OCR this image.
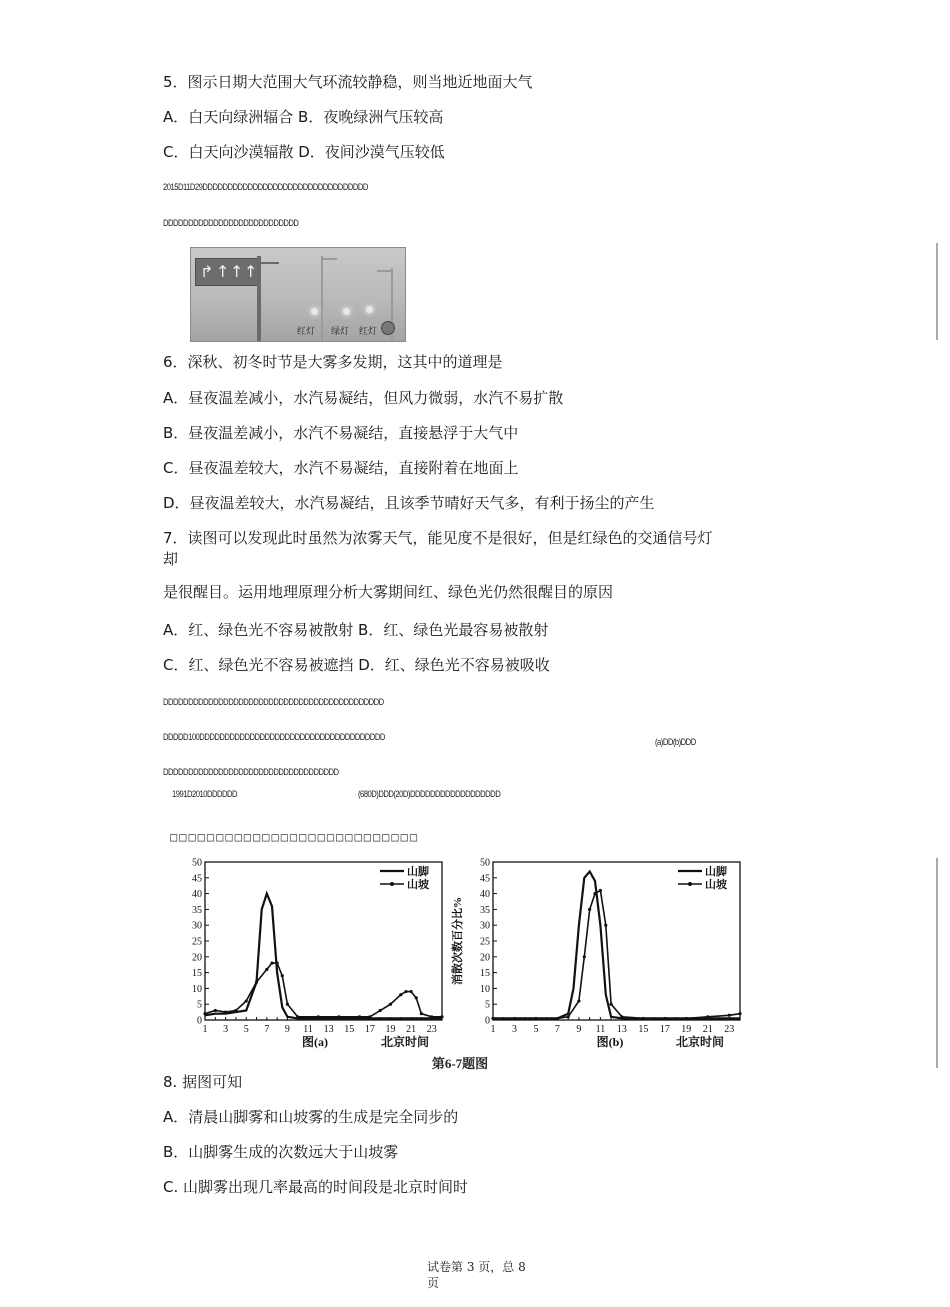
5．图示日期大范围大气环流较静稳，则当地近地面大气
A．白天向绿洲辐合 B．夜晚绿洲气压较高
C．白天向沙漠辐散 D．夜间沙漠气压较低
2015D11D29DDDDDDDDDDDDDDDDDDDDDDDDDDDDDDDDD
DDDDDDDDDDDDDDDDDDDDDDDDDDD
↱ ↑ ↑ ↑
红灯 绿灯 红灯
6．深秋、初冬时节是大雾多发期，这其中的道理是
A．昼夜温差减小，水汽易凝结，但风力微弱，水汽不易扩散
B．昼夜温差减小，水汽不易凝结，直接悬浮于大气中
C．昼夜温差较大，水汽不易凝结，直接附着在地面上
D．昼夜温差较大，水汽易凝结，且该季节晴好天气多，有利于扬尘的产生
7．读图可以发现此时虽然为浓雾天气，能见度不是很好，但是红绿色的交通信号灯
却
是很醒目。运用地理原理分析大雾期间红、绿色光仍然很醒目的原因
A．红、绿色光不容易被散射 B．红、绿色光最容易被散射
C．红、绿色光不容易被遮挡 D．红、绿色光不容易被吸收
DDDDDDDDDDDDDDDDDDDDDDDDDDDDDDDDDDDDDDDDDDDD
DDDDD100DDDDDDDDDDDDDDDDDDDDDDDDDDDDDDDDDDDDD	(a)DD(b)DDD
DDDDDDDDDDDDDDDDDDDDDDDDDDDDDDDDDDD
1991D2010DDDDDD	(680D)DDD(20D)DDDDDDDDDDDDDDDDDD
□□□□□□□□□□□□□□□□□□□□□□□□□□□
0
5
10
15
20
25
30
35
40
45
50
1 3 5 7 9 11 13 15 17 19 21 23
图(a)	北京时间
山脚
山坡
0
5
10
15
20
25
30
35
40
45
50
1 3 5 7 9 11 13 15 17 19 21 23
图(b)	北京时间
消散次数百分比%
山脚
山坡
第6-7题图
8. 据图可知
A．清晨山脚雾和山坡雾的生成是完全同步的
B．山脚雾生成的次数远大于山坡雾
C. 山脚雾出现几率最高的时间段是北京时间时
试卷第 3 页，总 8
页
